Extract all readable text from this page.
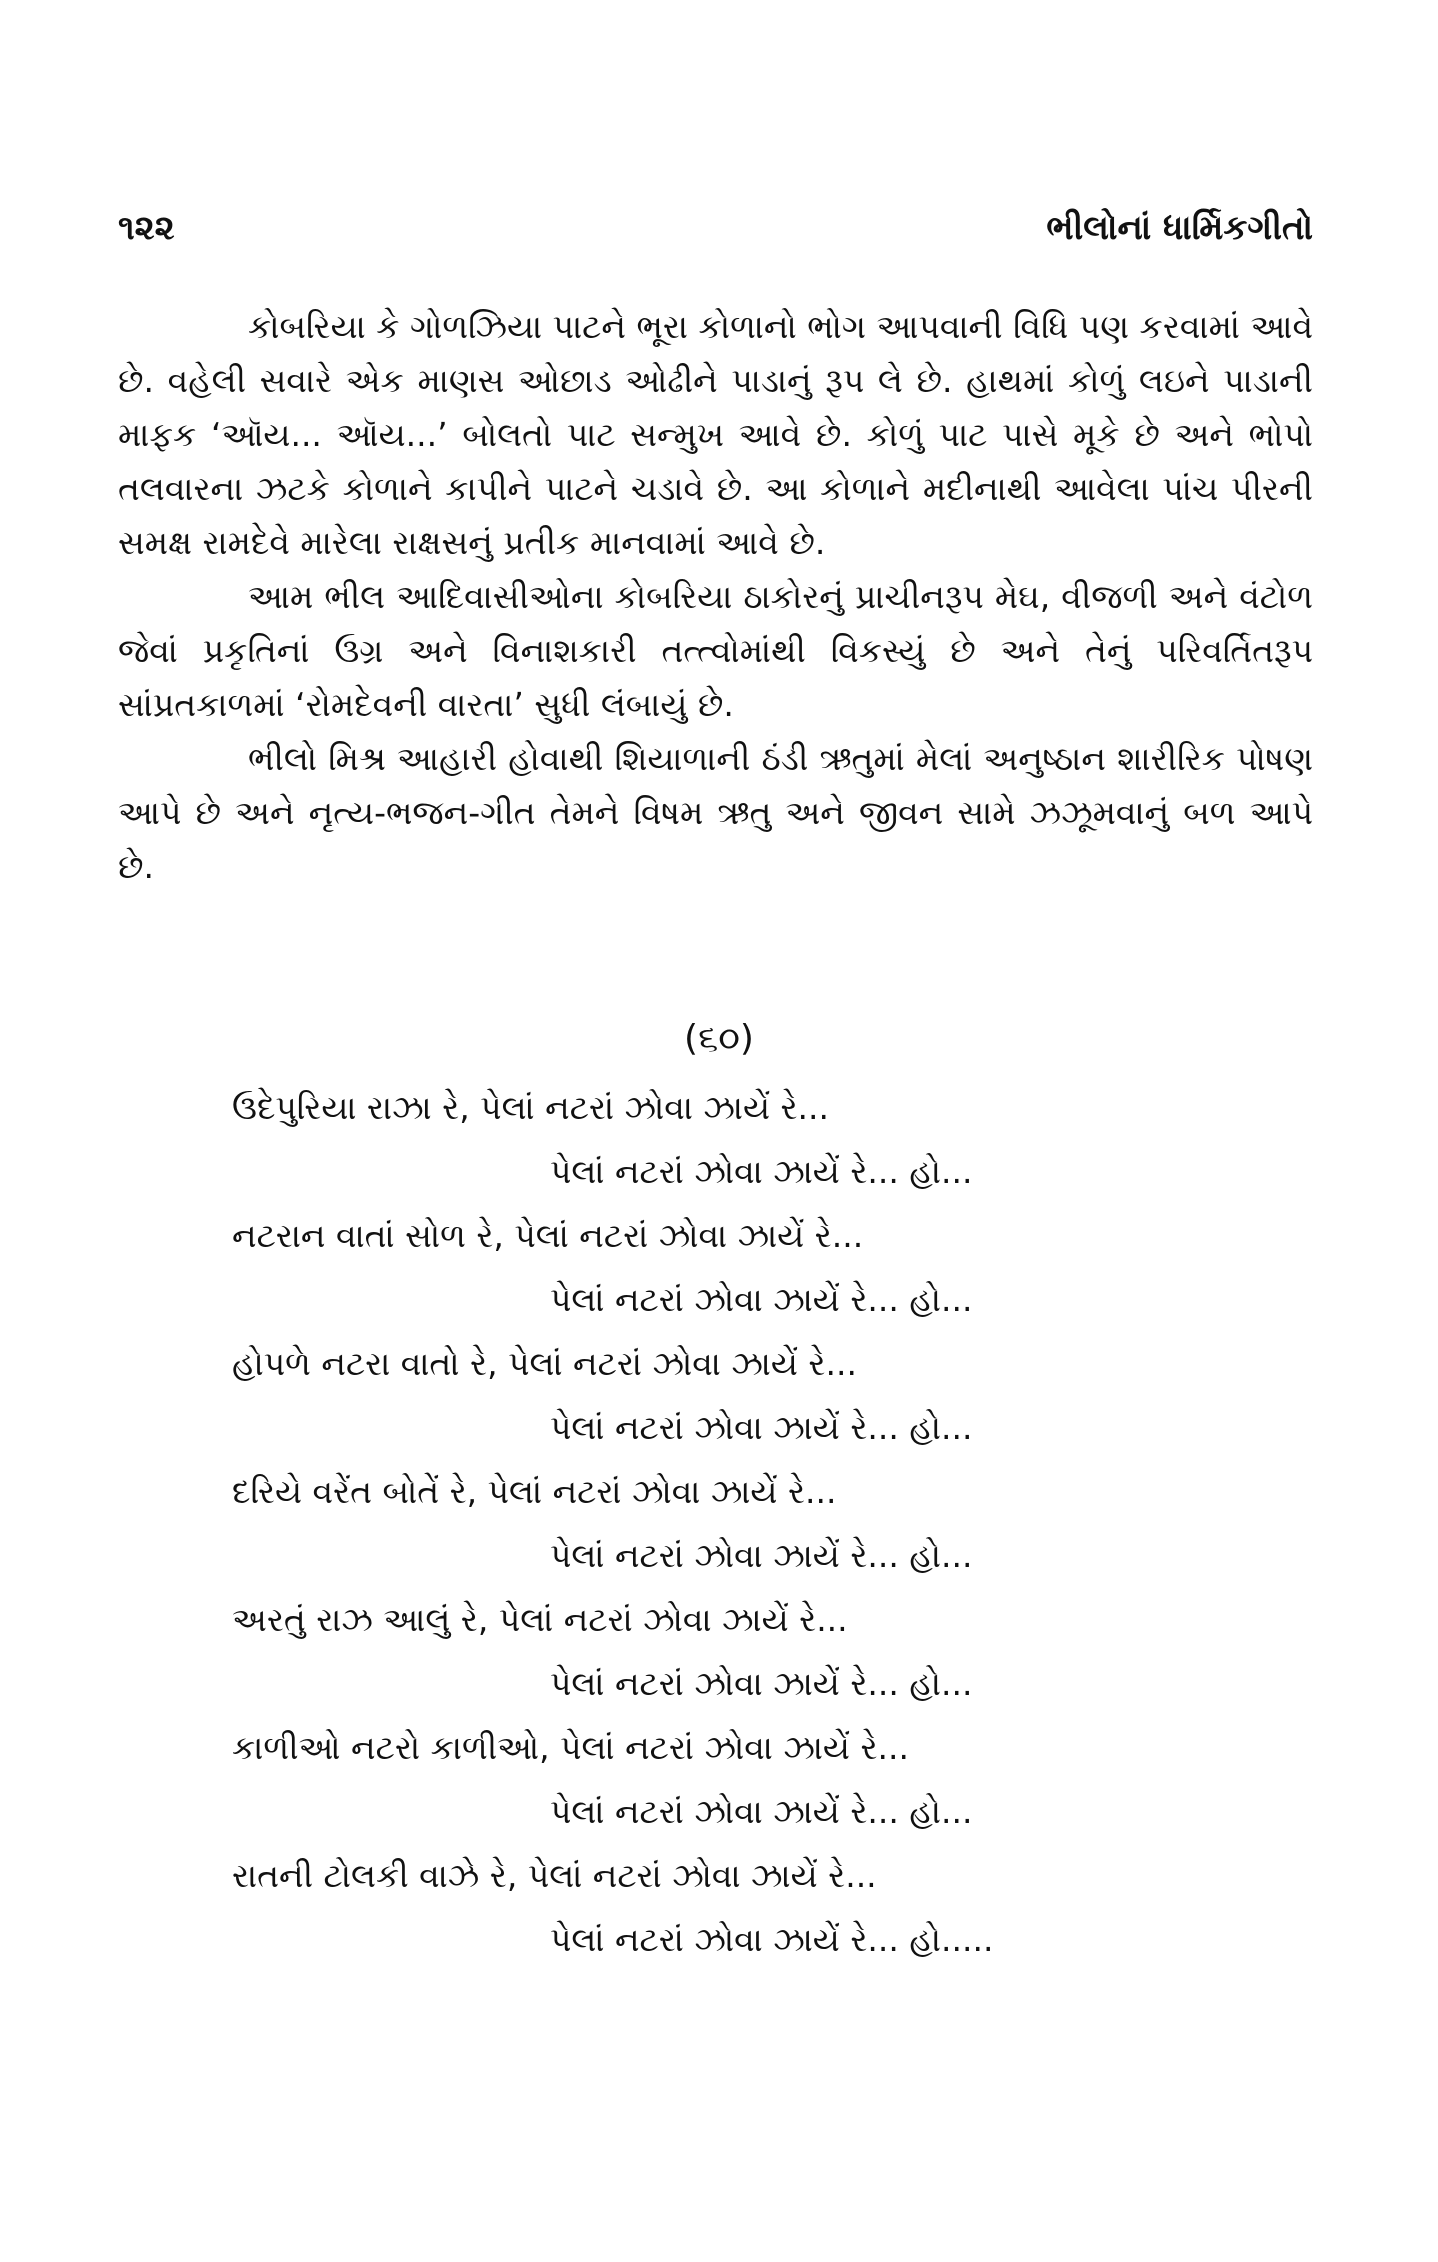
૧૨૨	ભીલોનાં ધાર્મિકગીતો

કોબરિયા કે ગોળઝિયા પાટને ભૂરા કોળાનો ભોગ આપવાની વિધિ પણ કરવામાં આવે છે. વહેલી સવારે એક માણસ ઓછાડ ઓઢીને પાડાનું રૂપ લે છે. હાથમાં કોળું લઇને પાડાની માફક ‘ઑય... ઑય...’ બોલતો પાટ સન્મુખ આવે છે. કોળું પાટ પાસે મૂકે છે અને ભોપો તલવારના ઝટકે કોળાને કાપીને પાટને ચડાવે છે. આ કોળાને મદીનાથી આવેલા પાંચ પીરની સમક્ષ રામદેવે મારેલા રાક્ષસનું પ્રતીક માનવામાં આવે છે.

આમ ભીલ આદિવાસીઓના કોબરિયા ઠાકોરનું પ્રાચીનરૂપ મેઘ, વીજળી અને વંટોળ જેવાં પ્રકૃતિનાં ઉગ્ર અને વિનાશકારી તત્ત્વોમાંથી વિકસ્યું છે અને તેનું પરિવર્તિતરૂપ સાંપ્રતકાળમાં ‘રોમદેવની વારતા’ સુધી લંબાયું છે.

ભીલો મિશ્ર આહારી હોવાથી શિયાળાની ઠંડી ઋતુમાં મેલાં અનુષ્ઠાન શારીરિક પોષણ આપે છે અને નૃત્ય-ભજન-ગીત તેમને વિષમ ઋતુ અને જીવન સામે ઝઝૂમવાનું બળ આપે છે.

(૬૦)
ઉદેપુરિયા રાઝા રે, પેલાં નટરાં ઝોવા ઝાયેં રે...
પેલાં નટરાં ઝોવા ઝાયેં રે... હો...
નટરાન વાતાં સોળ રે, પેલાં નટરાં ઝોવા ઝાયેં રે...
પેલાં નટરાં ઝોવા ઝાયેં રે... હો...
હોપળે નટરા વાતો રે, પેલાં નટરાં ઝોવા ઝાયેં રે...
પેલાં નટરાં ઝોવા ઝાયેં રે... હો...
દરિયે વરેંત બોતેં રે, પેલાં નટરાં ઝોવા ઝાયેં રે...
પેલાં નટરાં ઝોવા ઝાયેં રે... હો...
અરતું રાઝ આલું રે, પેલાં નટરાં ઝોવા ઝાયેં રે...
પેલાં નટરાં ઝોવા ઝાયેં રે... હો...
કાળીઓ નટરો કાળીઓ, પેલાં નટરાં ઝોવા ઝાયેં રે...
પેલાં નટરાં ઝોવા ઝાયેં રે... હો...
રાતની ટોલકી વાઝે રે, પેલાં નટરાં ઝોવા ઝાયેં રે...
પેલાં નટરાં ઝોવા ઝાયેં રે... હો.....
